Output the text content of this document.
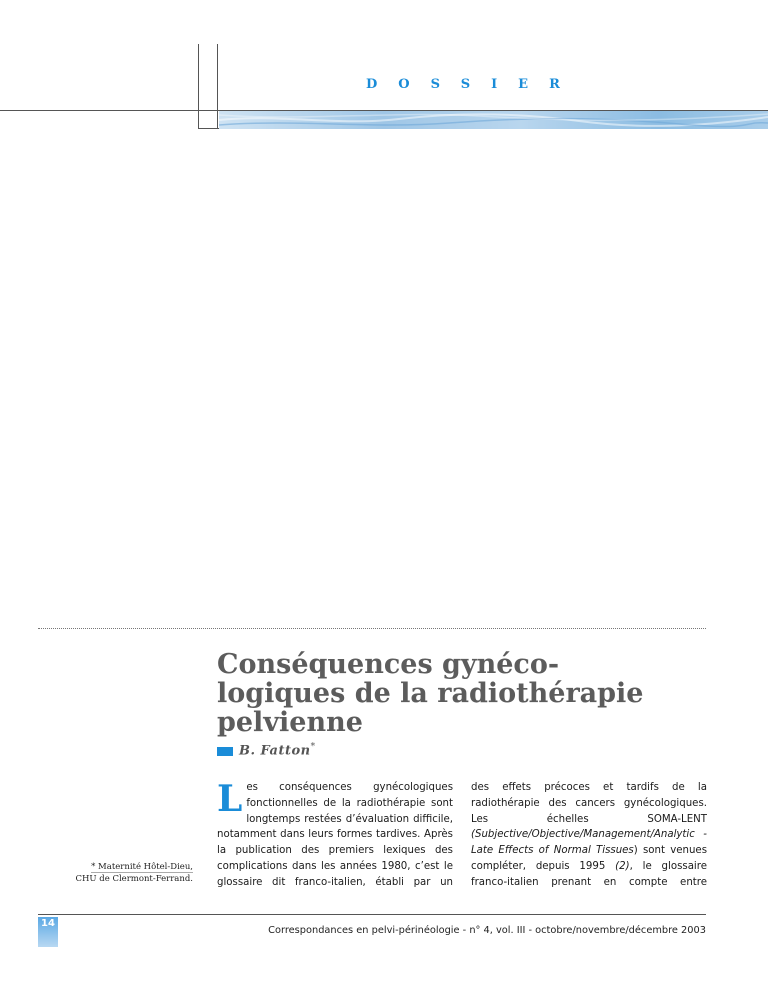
DOSSIER
Conséquences gynéco-
logiques de la radiothérapie
pelvienne
B. Fatton*
* Maternité Hôtel-Dieu,
CHU de Clermont-Ferrand.
Les conséquences gynécologiques fonctionnelles de la radiothérapie sont longtemps restées d’évaluation difficile, notamment dans leurs formes tardives. Après la publication des premiers lexiques des complications dans les années 1980, c’est le glossaire dit franco-italien, établi par un
des effets précoces et tardifs de la radiothérapie des cancers gynécologiques. Les échelles SOMA-LENT (Subjective/Objective/Management/Analytic - Late Effects of Normal Tissues) sont venues compléter, depuis 1995 (2), le glossaire franco-italien prenant en compte entre
14
Correspondances en pelvi-périnéologie - n° 4, vol. III - octobre/novembre/décembre 2003
